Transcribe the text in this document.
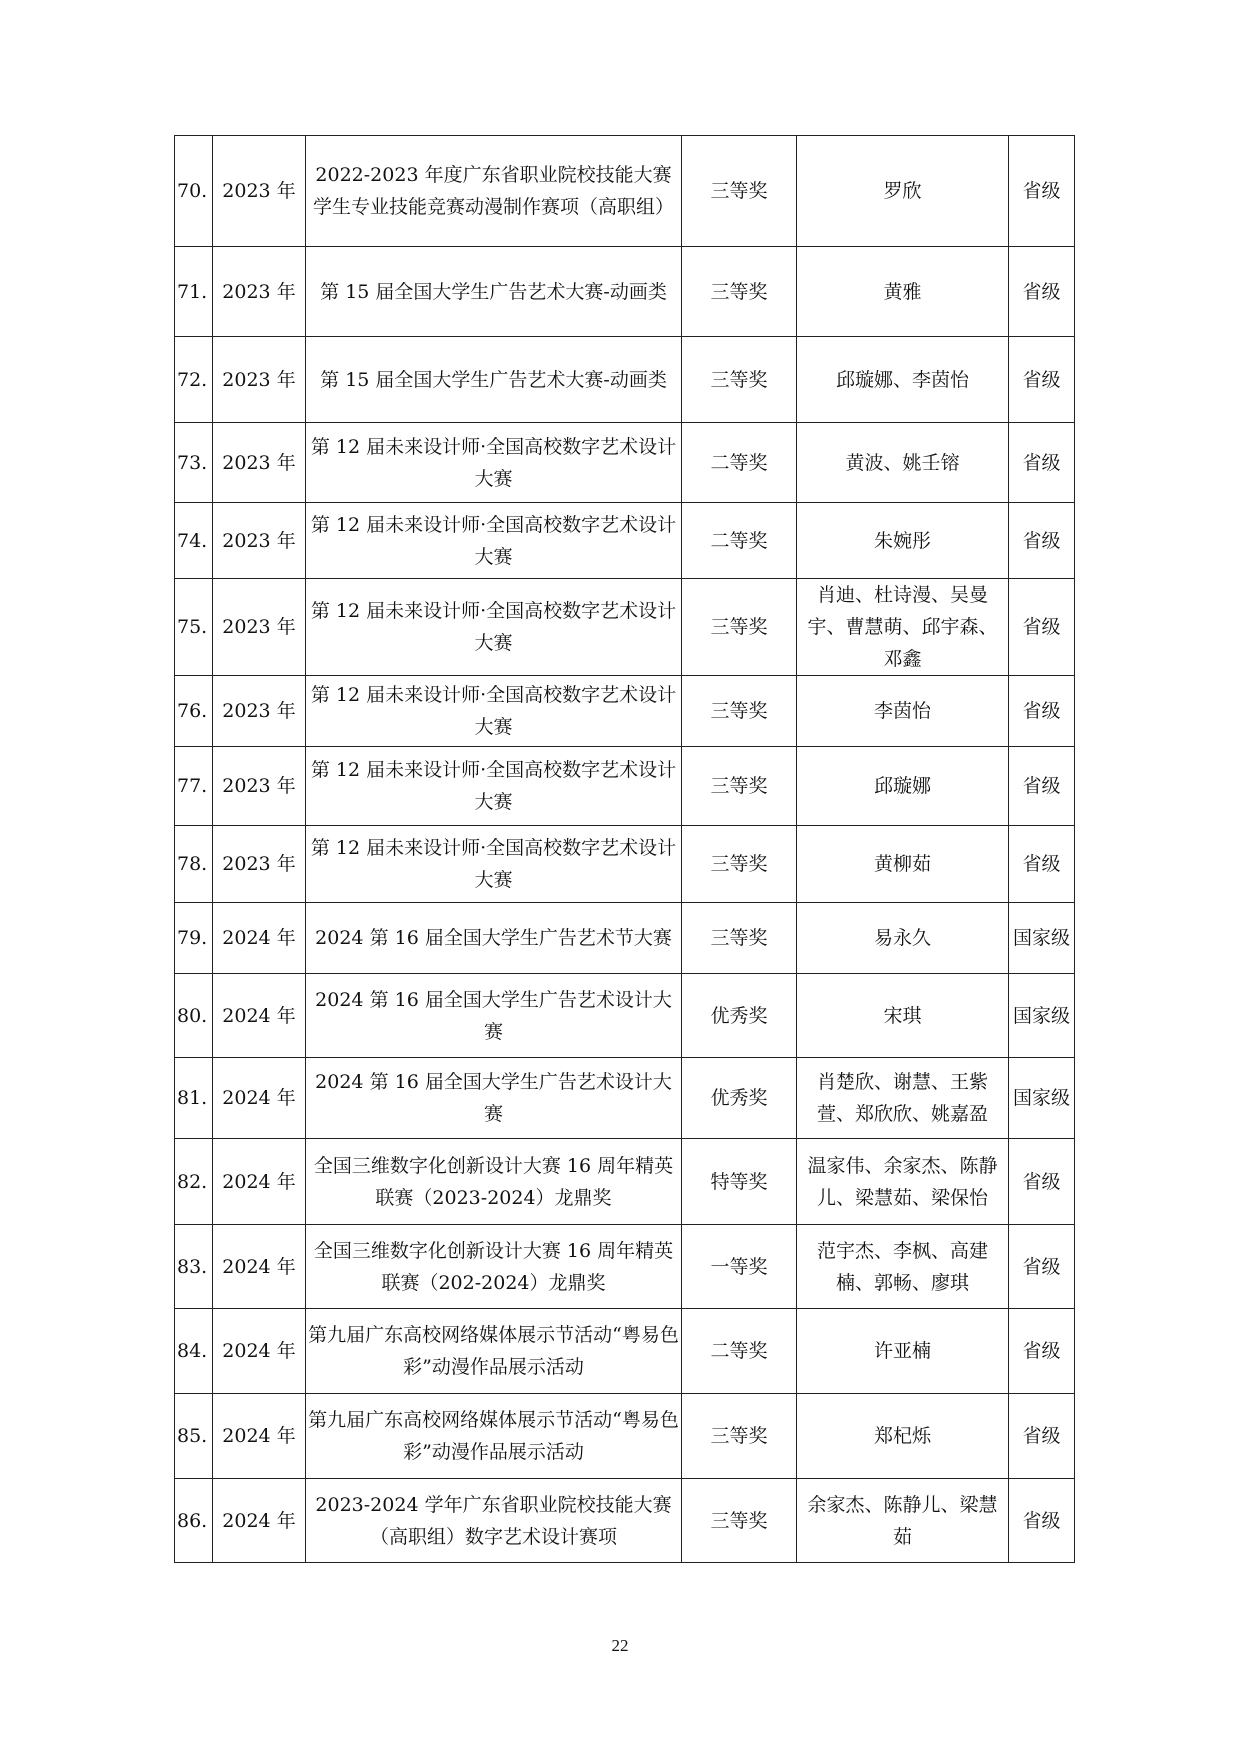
70.	2023 年	2022-2023 年度广东省职业院校技能大赛学生专业技能竞赛动漫制作赛项（高职组）	三等奖	罗欣	省级
71.	2023 年	第 15 届全国大学生广告艺术大赛-动画类	三等奖	黄雅	省级
72.	2023 年	第 15 届全国大学生广告艺术大赛-动画类	三等奖	邱璇娜、李茵怡	省级
73.	2023 年	第 12 届未来设计师·全国高校数字艺术设计大赛	二等奖	黄波、姚壬镕	省级
74.	2023 年	第 12 届未来设计师·全国高校数字艺术设计大赛	二等奖	朱婉彤	省级
75.	2023 年	第 12 届未来设计师·全国高校数字艺术设计大赛	三等奖	肖迪、杜诗漫、吴曼宇、曹慧萌、邱宇森、邓鑫	省级
76.	2023 年	第 12 届未来设计师·全国高校数字艺术设计大赛	三等奖	李茵怡	省级
77.	2023 年	第 12 届未来设计师·全国高校数字艺术设计大赛	三等奖	邱璇娜	省级
78.	2023 年	第 12 届未来设计师·全国高校数字艺术设计大赛	三等奖	黄柳茹	省级
79.	2024 年	2024 第 16 届全国大学生广告艺术节大赛	三等奖	易永久	国家级
80.	2024 年	2024 第 16 届全国大学生广告艺术设计大赛	优秀奖	宋琪	国家级
81.	2024 年	2024 第 16 届全国大学生广告艺术设计大赛	优秀奖	肖楚欣、谢慧、王紫萱、郑欣欣、姚嘉盈	国家级
82.	2024 年	全国三维数字化创新设计大赛 16 周年精英联赛（2023-2024）龙鼎奖	特等奖	温家伟、余家杰、陈静儿、梁慧茹、梁保怡	省级
83.	2024 年	全国三维数字化创新设计大赛 16 周年精英联赛（202-2024）龙鼎奖	一等奖	范宇杰、李枫、高建楠、郭畅、廖琪	省级
84.	2024 年	第九届广东高校网络媒体展示节活动“粤易色彩”动漫作品展示活动	二等奖	许亚楠	省级
85.	2024 年	第九届广东高校网络媒体展示节活动“粤易色彩”动漫作品展示活动	三等奖	郑杞烁	省级
86.	2024 年	2023-2024 学年广东省职业院校技能大赛（高职组）数字艺术设计赛项	三等奖	余家杰、陈静儿、梁慧茹	省级
22
